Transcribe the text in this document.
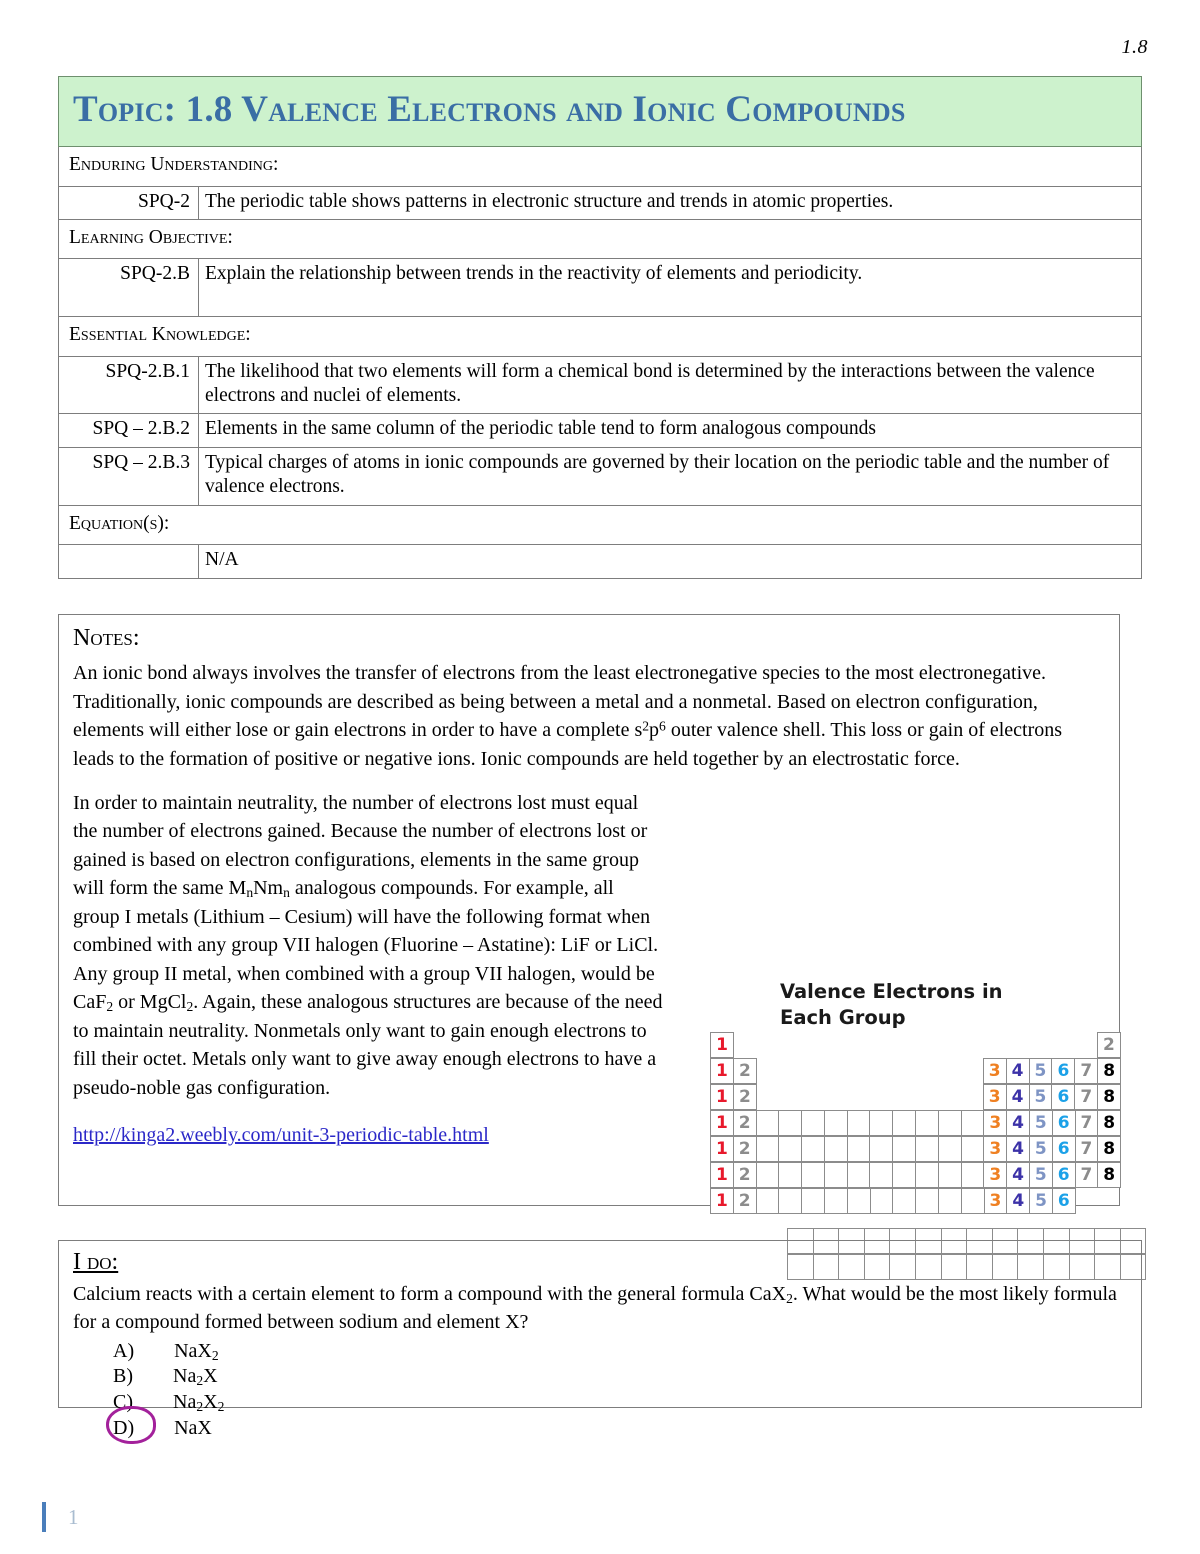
1.8
Topic: 1.8 Valence Electrons and Ionic Compounds	

Enduring Understanding:	
SPQ-2	The periodic table shows patterns in electronic structure and trends in atomic properties.
Learning Objective:	
SPQ-2.B	Explain the relationship between trends in the reactivity of elements and periodicity.
Essential Knowledge:	
SPQ-2.B.1	The likelihood that two elements will form a chemical bond is determined by the interactions between the valence electrons and nuclei of elements.
SPQ – 2.B.2	Elements in the same column of the periodic table tend to form analogous compounds
SPQ – 2.B.3	Typical charges of atoms in ionic compounds are governed by their location on the periodic table and the number of valence electrons.
Equation(s):	
	N/A
Notes:

An ionic bond always involves the transfer of electrons from the least electronegative species to the most electronegative. Traditionally, ionic compounds are described as being between a metal and a nonmetal. Based on electron configuration, elements will either lose or gain electrons in order to have a complete $s^2p^6$ outer valence shell. This loss or gain of electrons leads to the formation of positive or negative ions. Ionic compounds are held together by an electrostatic force.

In order to maintain neutrality, the number of electrons lost must equal the number of electrons gained. Because the number of electrons lost or gained is based on electron configurations, elements in the same group will form the same $M_nNm_n$ analogous compounds. For example, all group I metals (Lithium – Cesium) will have the following format when combined with any group VII halogen (Fluorine – Astatine): LiF or LiCl. Any group II metal, when combined with a group VII halogen, would be CaF$_2$ or MgCl$_2$. Again, these analogous structures are because of the need to maintain neutrality. Nonmetals only want to gain enough electrons to fill their octet. Metals only want to give away enough electrons to have a pseudo-noble gas configuration.
http://kinga2.weebly.com/unit-3-periodic-table.html
Valence Electrons in Each Group
1	2
1 2	3 4 5 6 7 8
1 2	3 4 5 6 7 8
1 2	3 4 5 6 7 8
1 2	3 4 5 6 7 8
1 2	3 4 5 6 7 8
1 2	3 4 5 6
I do:

Calcium reacts with a certain element to form a compound with the general formula CaX$_2$. What would be the most likely formula for a compound formed between sodium and element X?

A) NaX$_2$
B) $Na_2X$
C) $Na_2X_2$
D) NaX
1
